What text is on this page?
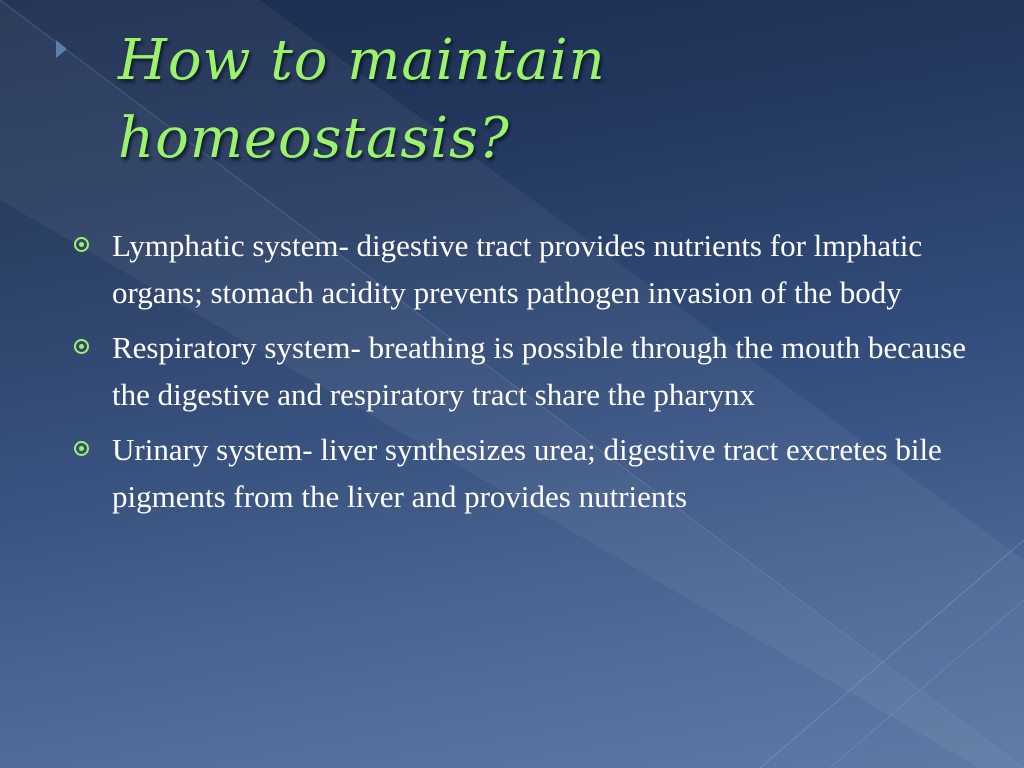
How to maintain
homeostasis?
Lymphatic system- digestive tract provides nutrients for lmphatic organs; stomach acidity prevents pathogen invasion of the body
Respiratory system- breathing is possible through the mouth because the digestive and respiratory tract share the pharynx
Urinary system- liver synthesizes urea; digestive tract excretes bile pigments from the liver and provides nutrients
